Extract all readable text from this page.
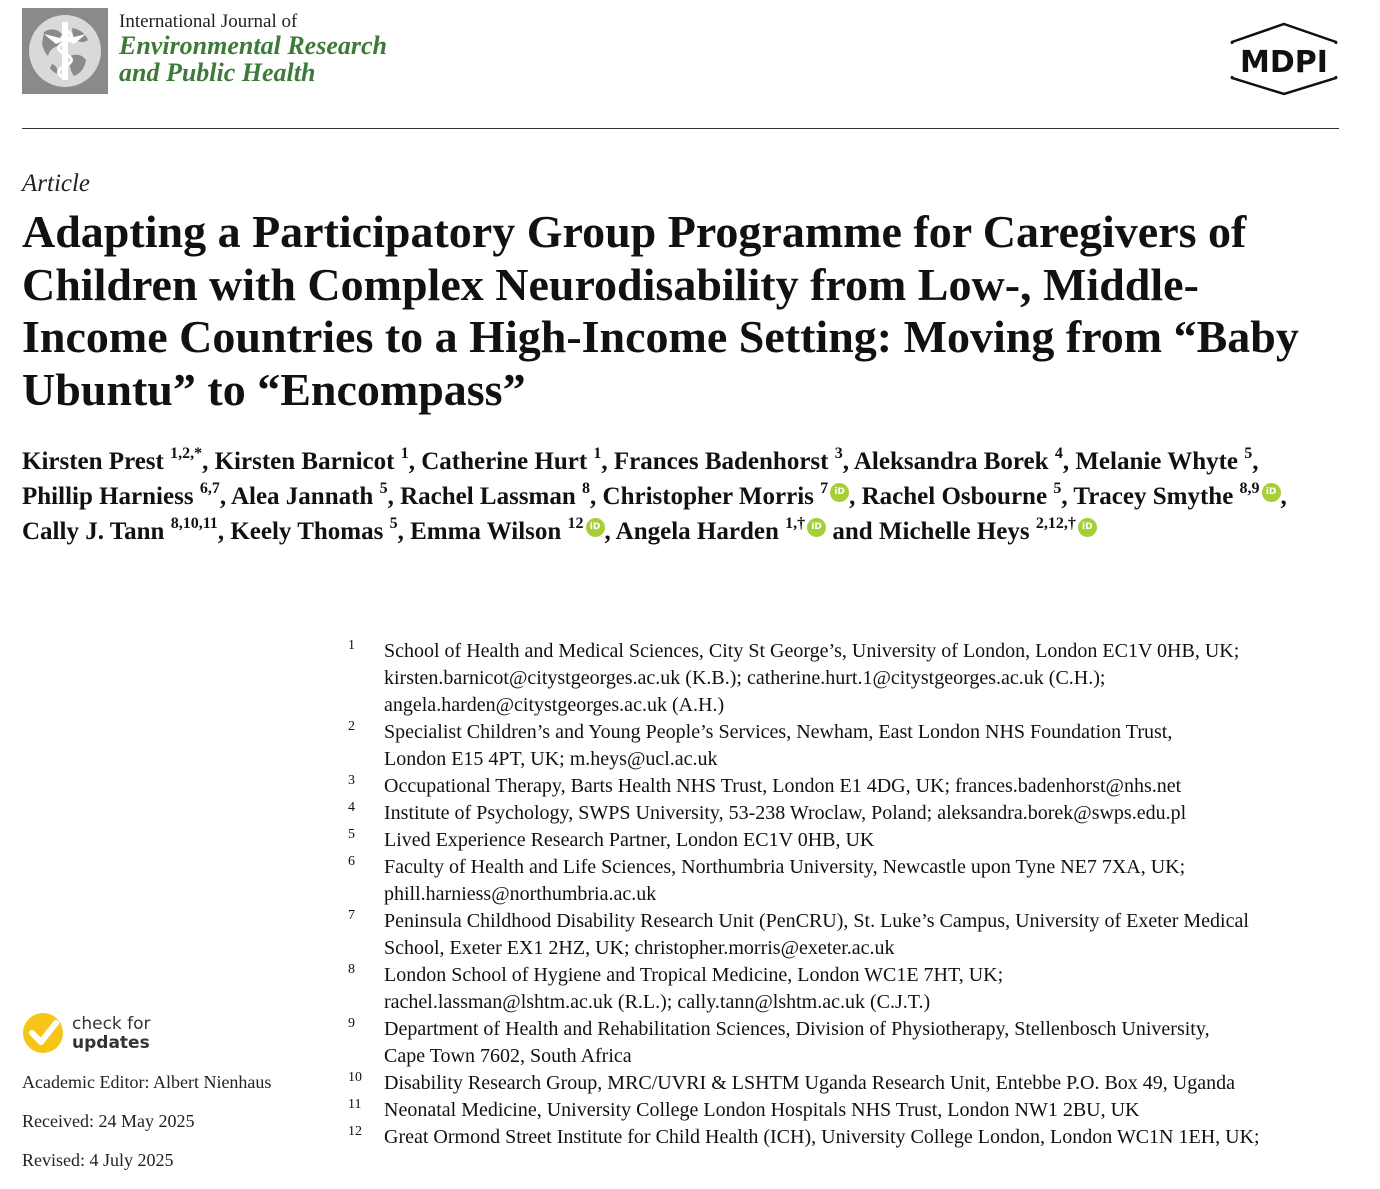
International Journal of
Environmental Research
and Public Health	MDPI
Article
Adapting a Participatory Group Programme for Caregivers of Children with Complex Neurodisability from Low-, Middle-Income Countries to a High-Income Setting: Moving from “Baby Ubuntu” to “Encompass”
Kirsten Prest $^{1,2,*}$, Kirsten Barnicot $^1$, Catherine Hurt $^1$, Frances Badenhorst $^3$, Aleksandra Borek $^4$, Melanie Whyte $^5$, Phillip Harniess $^{6,7}$, Alea Jannath $^5$, Rachel Lassman $^8$, Christopher Morris $^7$ iD , Rachel Osbourne $^5$, Tracey Smythe $^{8,9}$ iD , Cally J. Tann $^{8,10,11}$, Keely Thomas $^5$, Emma Wilson $^{12}$ iD , Angela Harden $^{1,\dagger}$ iD and Michelle Heys $^{2,12,\dagger}$ iD
1 School of Health and Medical Sciences, City St George’s, University of London, London EC1V 0HB, UK;
kirsten.barnicot@citystgeorges.ac.uk (K.B.); catherine.hurt.1@citystgeorges.ac.uk (C.H.);
angela.harden@citystgeorges.ac.uk (A.H.)
2 Specialist Children’s and Young People’s Services, Newham, East London NHS Foundation Trust,
London E15 4PT, UK; m.heys@ucl.ac.uk
3 Occupational Therapy, Barts Health NHS Trust, London E1 4DG, UK; frances.badenhorst@nhs.net
4 Institute of Psychology, SWPS University, 53-238 Wroclaw, Poland; aleksandra.borek@swps.edu.pl
5 Lived Experience Research Partner, London EC1V 0HB, UK
6 Faculty of Health and Life Sciences, Northumbria University, Newcastle upon Tyne NE7 7XA, UK;
phill.harniess@northumbria.ac.uk
7 Peninsula Childhood Disability Research Unit (PenCRU), St. Luke’s Campus, University of Exeter Medical
School, Exeter EX1 2HZ, UK; christopher.morris@exeter.ac.uk
8 London School of Hygiene and Tropical Medicine, London WC1E 7HT, UK;
rachel.lassman@lshtm.ac.uk (R.L.); cally.tann@lshtm.ac.uk (C.J.T.)
9 Department of Health and Rehabilitation Sciences, Division of Physiotherapy, Stellenbosch University,
Cape Town 7602, South Africa
10 Disability Research Group, MRC/UVRI & LSHTM Uganda Research Unit, Entebbe P.O. Box 49, Uganda
11 Neonatal Medicine, University College London Hospitals NHS Trust, London NW1 2BU, UK
12 Great Ormond Street Institute for Child Health (ICH), University College London, London WC1N 1EH, UK;
check for
updates
Academic Editor: Albert Nienhaus
Received: 24 May 2025
Revised: 4 July 2025
